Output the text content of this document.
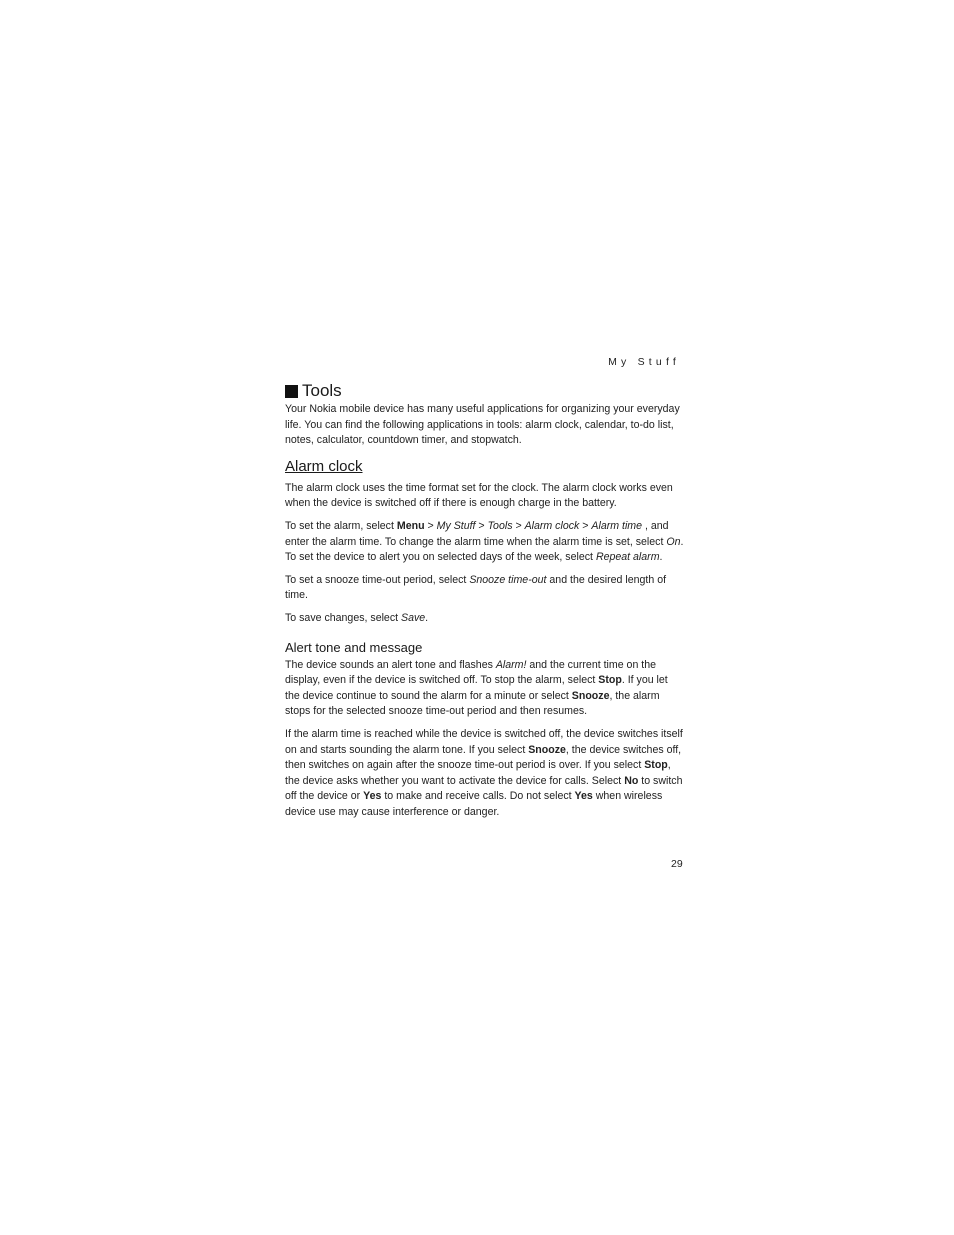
My Stuff
Tools

Your Nokia mobile device has many useful applications for organizing your everyday life. You can find the following applications in tools: alarm clock, calendar, to-do list, notes, calculator, countdown timer, and stopwatch.

Alarm clock

The alarm clock uses the time format set for the clock. The alarm clock works even when the device is switched off if there is enough charge in the battery.

To set the alarm, select Menu > My Stuff > Tools > Alarm clock > Alarm time , and enter the alarm time. To change the alarm time when the alarm time is set, select On. To set the device to alert you on selected days of the week, select Repeat alarm.

To set a snooze time-out period, select Snooze time-out and the desired length of time.

To save changes, select Save.

Alert tone and message

The device sounds an alert tone and flashes Alarm! and the current time on the display, even if the device is switched off. To stop the alarm, select Stop. If you let the device continue to sound the alarm for a minute or select Snooze, the alarm stops for the selected snooze time-out period and then resumes.

If the alarm time is reached while the device is switched off, the device switches itself on and starts sounding the alarm tone. If you select Snooze, the device switches off, then switches on again after the snooze time-out period is over. If you select Stop, the device asks whether you want to activate the device for calls. Select No to switch off the device or Yes to make and receive calls. Do not select Yes when wireless device use may cause interference or danger.

29
